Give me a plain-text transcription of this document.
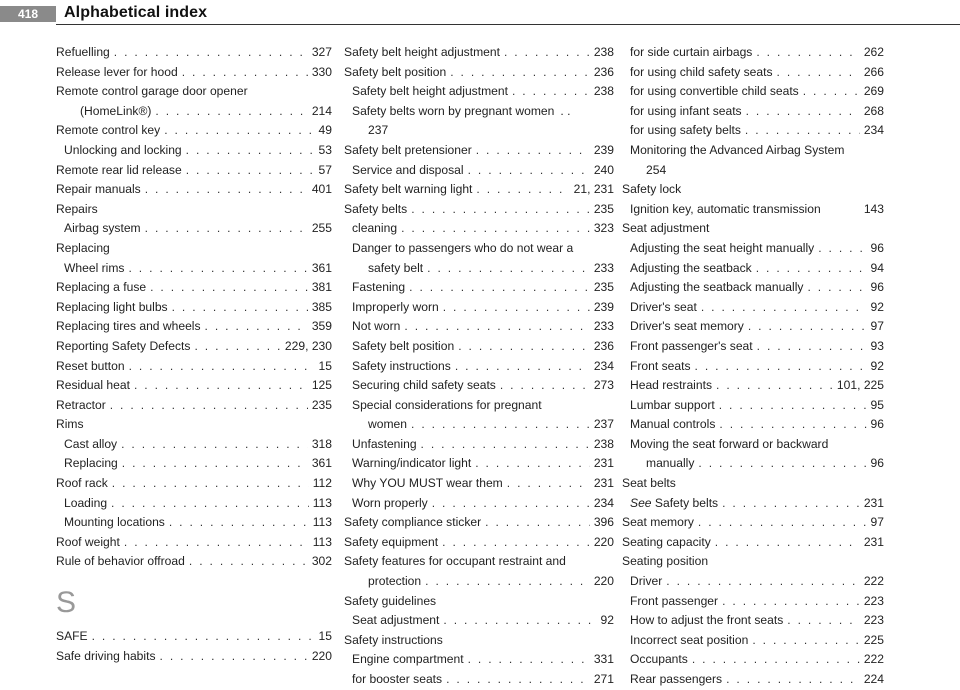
418	Alphabetical index
Refuelling . . .	327
Release lever for hood . . .	330
Remote control garage door opener
(HomeLink®) . . .	214
Remote control key . . .	49
Unlocking and locking . . .	53
Remote rear lid release . . .	57
Repair manuals . . .	401
Repairs
Airbag system . . .	255
Replacing
Wheel rims . . .	361
Replacing a fuse . . .	381
Replacing light bulbs . . .	385
Replacing tires and wheels . . .	359
Reporting Safety Defects . . .	229, 230
Reset button . . .	15
Residual heat . . .	125
Retractor . . .	235
Rims
Cast alloy . . .	318
Replacing . . .	361
Roof rack . . .	112
Loading . . .	113
Mounting locations . . .	113
Roof weight . . .	113
Rule of behavior offroad . . .	302
S
SAFE . . .	15
Safe driving habits . . .	220
Safety belt height adjustment . . .	238
Safety belt position . . .	236
Safety belt height adjustment . . .	238
Safety belts worn by pregnant women . .
237
Safety belt pretensioner . . .	239
Service and disposal . . .	240
Safety belt warning light . . .	21, 231
Safety belts . . .	235
cleaning . . .	323
Danger to passengers who do not wear a
safety belt . . .	233
Fastening . . .	235
Improperly worn . . .	239
Not worn . . .	233
Safety belt position . . .	236
Safety instructions . . .	234
Securing child safety seats . . .	273
Special considerations for pregnant
women . . .	237
Unfastening . . .	238
Warning/indicator light . . .	231
Why YOU MUST wear them . . .	231
Worn properly . . .	234
Safety compliance sticker . . .	396
Safety equipment . . .	220
Safety features for occupant restraint and
protection . . .	220
Safety guidelines
Seat adjustment . . .	92
Safety instructions
Engine compartment . . .	331
for booster seats . . .	271
for side curtain airbags . . .	262
for using child safety seats . . .	266
for using convertible child seats . . .	269
for using infant seats . . .	268
for using safety belts . . .	234
Monitoring the Advanced Airbag System
254
Safety lock
Ignition key, automatic transmission	143
Seat adjustment
Adjusting the seat height manually . . .	96
Adjusting the seatback . . .	94
Adjusting the seatback manually . . .	96
Driver's seat . . .	92
Driver's seat memory . . .	97
Front passenger's seat . . .	93
Front seats . . .	92
Head restraints . . .	101, 225
Lumbar support . . .	95
Manual controls . . .	96
Moving the seat forward or backward
manually . . .	96
Seat belts
See Safety belts . . .	231
Seat memory . . .	97
Seating capacity . . .	231
Seating position
Driver . . .	222
Front passenger . . .	223
How to adjust the front seats . . .	223
Incorrect seat position . . .	225
Occupants . . .	222
Rear passengers . . .	224
